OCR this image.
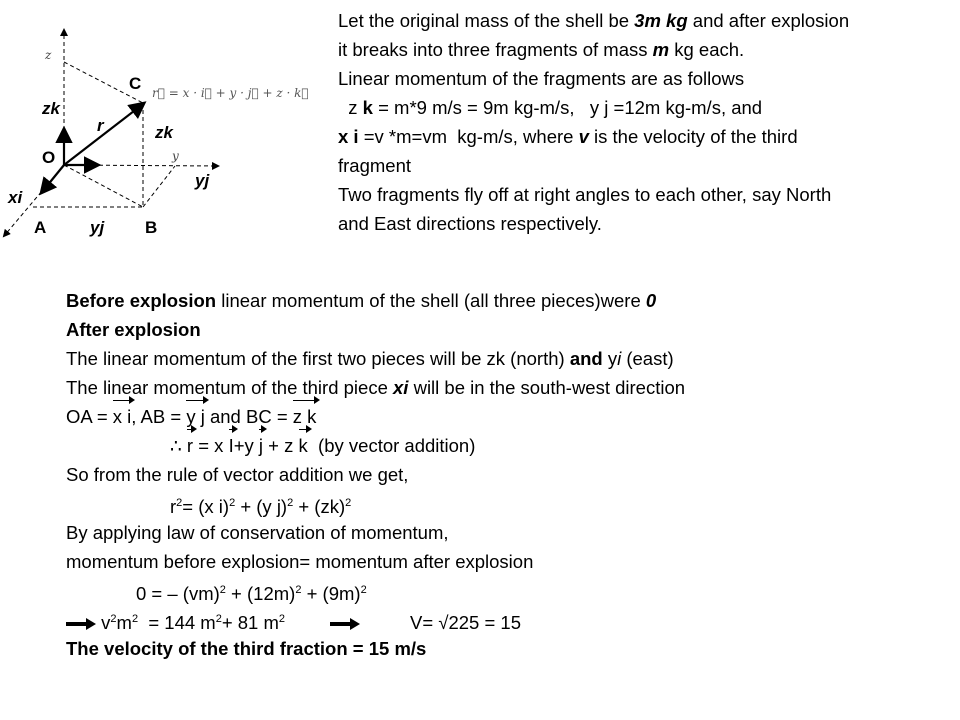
z
y
C
O
A	B
r
zk
zk
yj
yj
xi
r⃗ = x · i⃗ + y · j⃗ + z · k⃗
Let the original mass of the shell be 3m kg and after explosion
it breaks into three fragments of mass m kg each.
Linear momentum of the fragments are as follows
z k = m*9 m/s = 9m kg-m/s,   y j =12m kg-m/s, and
x i =v *m=vm  kg-m/s, where v is the velocity of the third
fragment
Two fragments fly off at right angles to each other, say North
and East directions respectively.
Before explosion linear momentum of the shell (all three pieces)were 0
After explosion
The linear momentum of the first two pieces will be zk (north) and yi (east)
The linear momentum of the third piece xi will be in the south-west direction
OA = x i, AB = y j and BC = z k
∴ r = x I+y j + z k  (by vector addition)
So from the rule of vector addition we get,
$r^2= (x$ i)$^2$ + (y j)$^2$ + (zk)$^2$
By applying law of conservation of momentum,
momentum before explosion= momentum after explosion
0 = – $(vm)^2 + (12m)^2 + (9m)^2$
$v^2m^2 = 144$ $m^2+ 81$ $m^2$	V= √225 = 15
The velocity of the third fraction = 15 m/s
